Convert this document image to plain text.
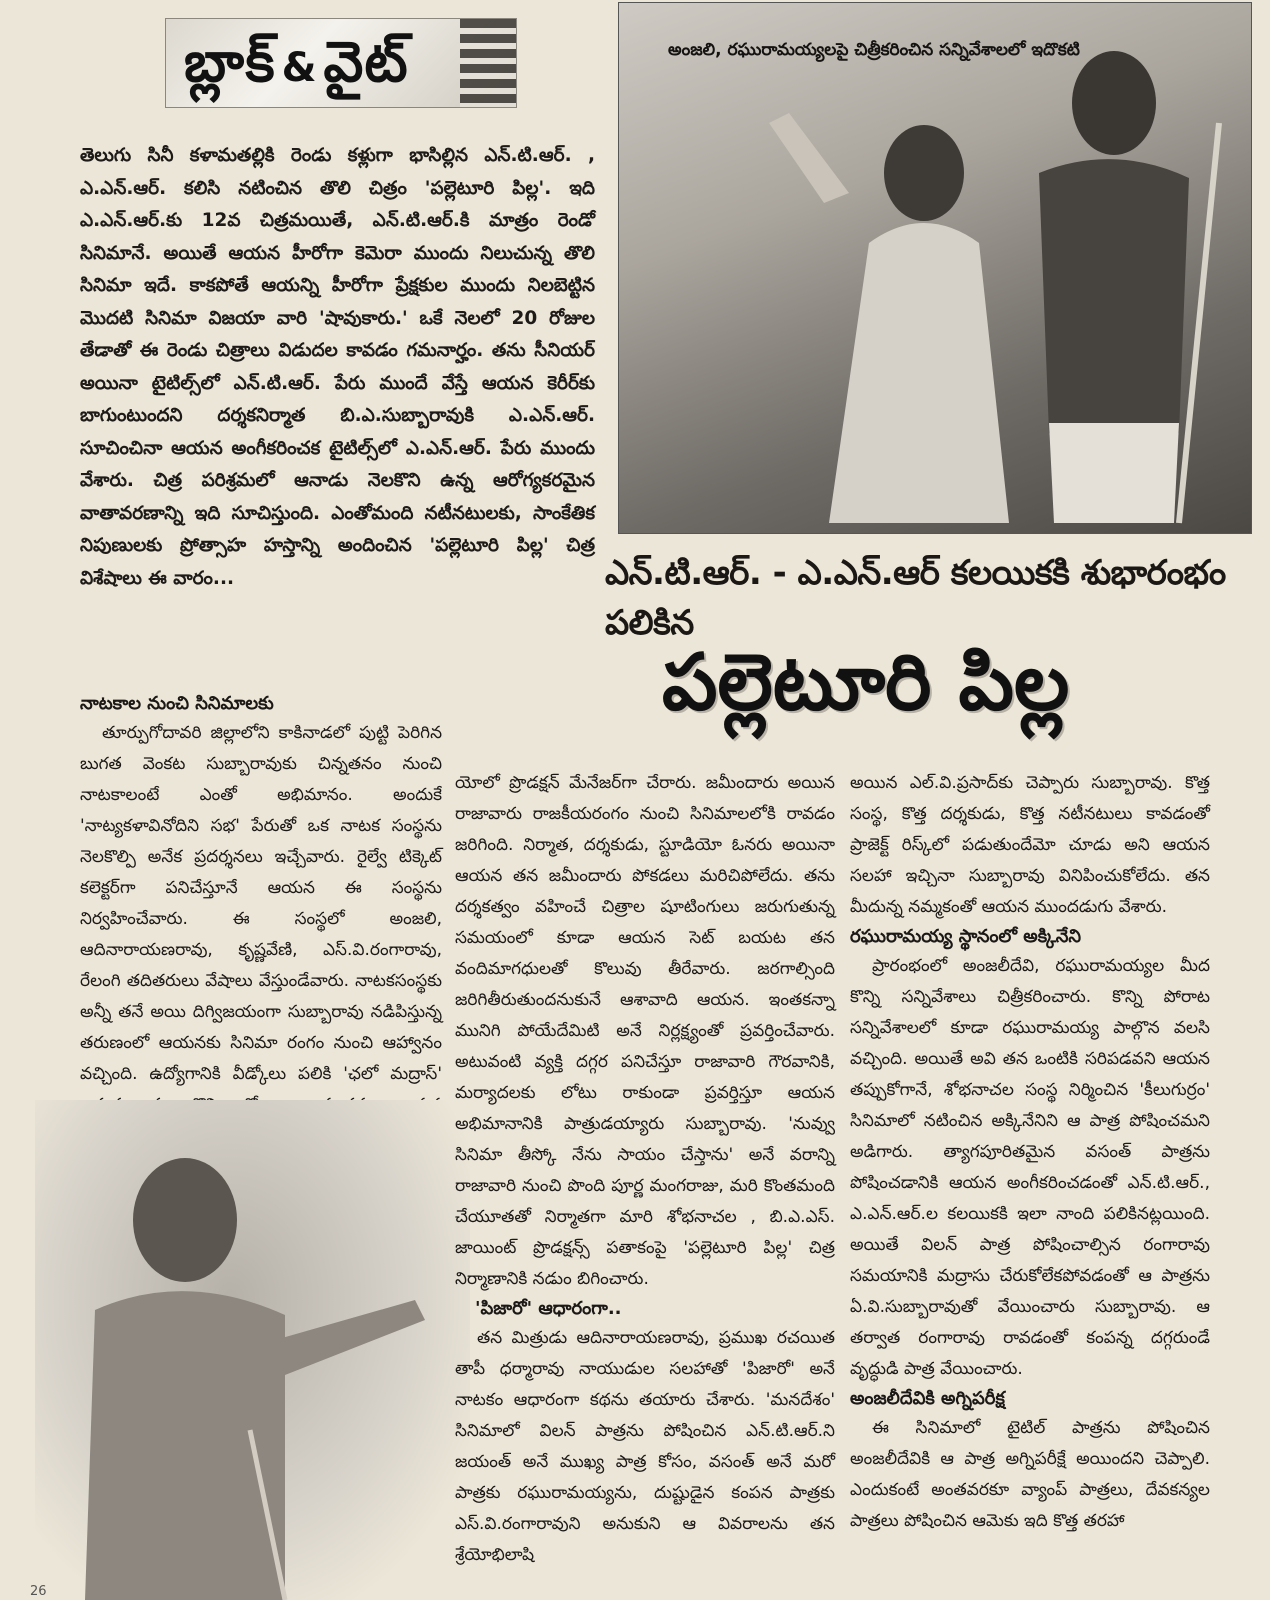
బ్లాక్ & వైట్	అంజలి, రఘురామయ్యలపై చిత్రీకరించిన సన్నివేశాలలో ఇదొకటి
తెలుగు సినీ కళామతల్లికి రెండు కళ్లుగా భాసిల్లిన ఎన్.టి.ఆర్. , ఎ.ఎన్.ఆర్. కలిసి నటించిన తొలి చిత్రం 'పల్లెటూరి పిల్ల'. ఇది ఎ.ఎన్.ఆర్.కు 12వ చిత్రమయితే, ఎన్.టి.ఆర్.కి మాత్రం రెండో సినిమానే. అయితే ఆయన హీరోగా కెమెరా ముందు నిలుచున్న తొలి సినిమా ఇదే. కాకపోతే ఆయన్ని హీరోగా ప్రేక్షకుల ముందు నిలబెట్టిన మొదటి సినిమా విజయా వారి 'షావుకారు.' ఒకే నెలలో 20 రోజుల తేడాతో ఈ రెండు చిత్రాలు విడుదల కావడం గమనార్హం. తను సీనియర్ అయినా టైటిల్స్‌లో ఎన్.టి.ఆర్. పేరు ముందే వేస్తే ఆయన కెరీర్‌కు బాగుంటుందని దర్శకనిర్మాత బి.ఎ.సుబ్బారావుకి ఎ.ఎన్.ఆర్. సూచించినా ఆయన అంగీకరించక టైటిల్స్‌లో ఎ.ఎన్.ఆర్. పేరు ముందు వేశారు. చిత్ర పరిశ్రమలో ఆనాడు నెలకొని ఉన్న ఆరోగ్యకరమైన వాతావరణాన్ని ఇది సూచిస్తుంది. ఎంతోమంది నటీనటులకు, సాంకేతిక నిపుణులకు ప్రోత్సాహ హస్తాన్ని అందించిన 'పల్లెటూరి పిల్ల' చిత్ర విశేషాలు ఈ వారం...	ఎన్.టి.ఆర్. - ఎ.ఎన్.ఆర్ కలయికకి శుభారంభం పలికిన
పల్లెటూరి పిల్ల
నాటకాల నుంచి సినిమాలకు

తూర్పుగోదావరి జిల్లాలోని కాకినాడలో పుట్టి పెరిగిన బుగత వెంకట సుబ్బారావుకు చిన్నతనం నుంచి నాటకాలంటే ఎంతో అభిమానం. అందుకే 'నాట్యకళావినోదిని సభ' పేరుతో ఒక నాటక సంస్థను నెలకొల్పి అనేక ప్రదర్శనలు ఇచ్చేవారు. రైల్వే టిక్కెట్ కలెక్టర్‌గా పనిచేస్తూనే ఆయన ఈ సంస్థను నిర్వహించేవారు. ఈ సంస్థలో అంజలి, ఆదినారాయణరావు, కృష్ణవేణి, ఎస్.వి.రంగారావు, రేలంగి తదితరులు వేషాలు వేస్తుండేవారు. నాటకసంస్థకు అన్నీ తనే అయి దిగ్విజయంగా సుబ్బారావు నడిపిస్తున్న తరుణంలో ఆయనకు సినిమా రంగం నుంచి ఆహ్వానం వచ్చింది. ఉద్యోగానికి వీడ్కోలు పలికి 'ఛలో మద్రాస్'

యోలో ప్రొడక్షన్ మేనేజర్‌గా చేరారు. జమీందారు అయిన రాజావారు రాజకీయరంగం నుంచి సినిమాలలోకి రావడం జరిగింది. నిర్మాత, దర్శకుడు, స్టూడియో ఓనరు అయినా ఆయన తన జమీందారు పోకడలు మరిచిపోలేదు. తను దర్శకత్వం వహించే చిత్రాల షూటింగులు జరుగుతున్న సమయంలో కూడా ఆయన సెట్ బయట తన వందిమాగధులతో కొలువు తీరేవారు. జరగాల్సింది జరిగితీరుతుందనుకునే ఆశావాది ఆయన. ఇంతకన్నా మునిగి పోయేదేమిటి అనే నిర్లక్ష్యంతో ప్రవర్తించేవారు. అటువంటి వ్యక్తి దగ్గర పనిచేస్తూ రాజావారి గౌరవానికి, మర్యాదలకు లోటు రాకుండా ప్రవర్తిస్తూ ఆయన అభిమానానికి పాత్రుడయ్యారు సుబ్బారావు. 'నువ్వు సినిమా తీస్కో నేను సాయం చేస్తాను' అనే వరాన్ని రాజావారి నుంచి పొంది పూర్ణ మంగరాజు, మరి కొంతమంది చేయూతతో నిర్మాతగా మారి శోభనాచల , బి.ఎ.ఎస్. జాయింట్ ప్రొడక్షన్స్ పతాకంపై 'పల్లెటూరి పిల్ల' చిత్ర నిర్మాణానికి నడుం బిగించారు.

'పిజారో' ఆధారంగా..

తన మిత్రుడు ఆదినారాయణరావు, ప్రముఖ రచయిత తాపీ ధర్మారావు నాయుడుల సలహాతో 'పిజారో' అనే నాటకం ఆధారంగా కథను తయారు చేశారు. 'మనదేశం' సినిమాలో విలన్ పాత్రను పోషించిన ఎన్.టి.ఆర్.ని జయంత్ అనే ముఖ్య పాత్ర కోసం, వసంత్ అనే మరో పాత్రకు రఘురామయ్యను, దుష్టుడైన కంపన పాత్రకు ఎస్.వి.రంగారావుని అనుకుని ఆ వివరాలను తన శ్రేయోభిలాషి

అయిన ఎల్.వి.ప్రసాద్‌కు చెప్పారు సుబ్బారావు. కొత్త సంస్థ, కొత్త దర్శకుడు, కొత్త నటీనటులు కావడంతో ప్రాజెక్ట్ రిస్క్‌లో పడుతుందేమో చూడు అని ఆయన సలహా ఇచ్చినా సుబ్బారావు వినిపించుకోలేదు. తన మీదున్న నమ్మకంతో ఆయన ముందడుగు వేశారు.

రఘురామయ్య స్థానంలో అక్కినేని

ప్రారంభంలో అంజలీదేవి, రఘురామయ్యల మీద కొన్ని సన్నివేశాలు చిత్రీకరించారు. కొన్ని పోరాట సన్నివేశాలలో కూడా రఘురామయ్య పాల్గొన వలసి వచ్చింది. అయితే అవి తన ఒంటికి సరిపడవని ఆయన తప్పుకోగానే, శోభనాచల సంస్థ నిర్మించిన 'కీలుగుర్రం' సినిమాలో నటించిన అక్కినేనిని ఆ పాత్ర పోషించమని అడిగారు. త్యాగపూరితమైన వసంత్ పాత్రను పోషించడానికి ఆయన అంగీకరించడంతో ఎన్.టి.ఆర్., ఎ.ఎన్.ఆర్.ల కలయికకి ఇలా నాంది పలికినట్లయింది. అయితే విలన్ పాత్ర పోషించాల్సిన రంగారావు సమయానికి మద్రాసు చేరుకోలేకపోవడంతో ఆ పాత్రను ఏ.వి.సుబ్బారావుతో వేయించారు సుబ్బారావు. ఆ తర్వాత రంగారావు రావడంతో కంపన్న దగ్గరుండే వృద్ధుడి పాత్ర వేయించారు.

అంజలీదేవికి అగ్నిపరీక్ష

ఈ సినిమాలో టైటిల్ పాత్రను పోషించిన అంజలీదేవికి ఆ పాత్ర అగ్నిపరీక్షే అయిందని చెప్పాలి. ఎందుకంటే అంతవరకూ వ్యాంప్ పాత్రలు, దేవకన్యల పాత్రలు పోషించిన ఆమెకు ఇది కొత్త తరహా

26
